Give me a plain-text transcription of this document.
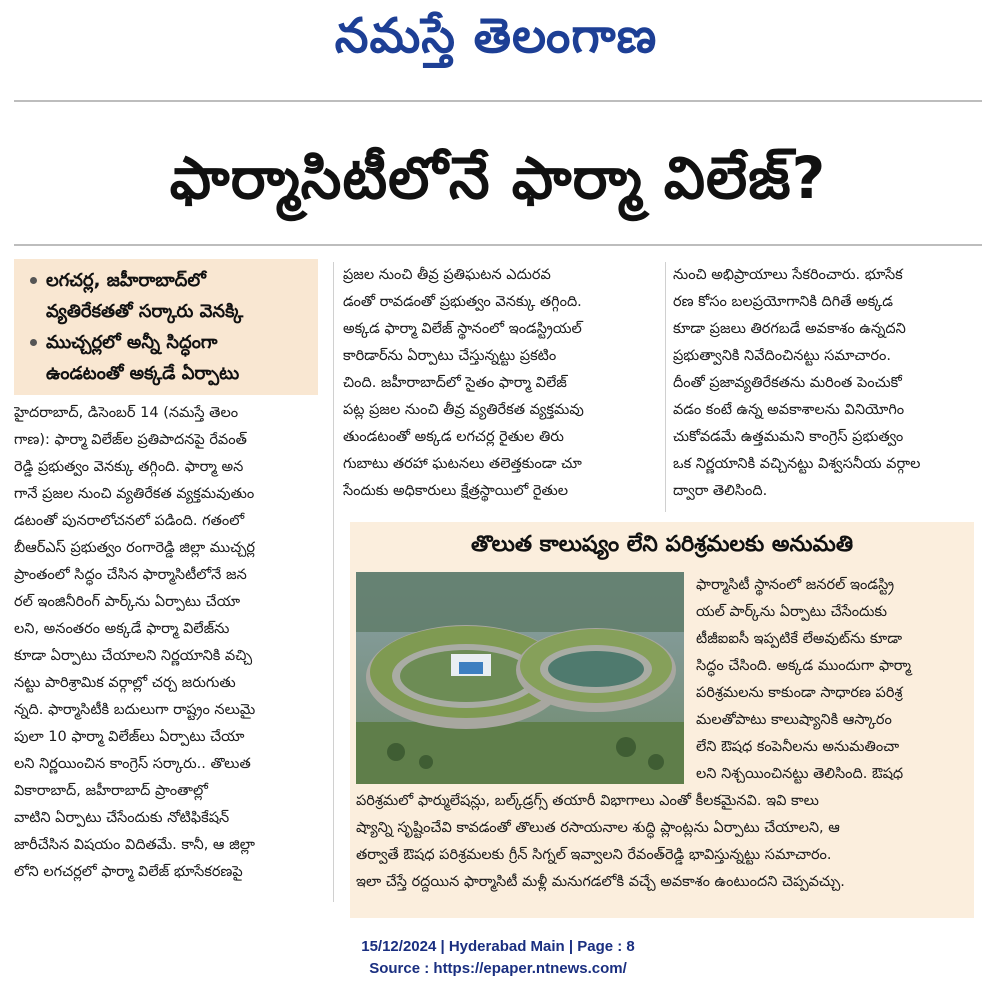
నమస్తే తెలంగాణ
ఫార్మాసిటీలోనే ఫార్మా విలేజ్?
లగచర్ల, జహీరాబాద్‌లో
వ్యతిరేకతతో సర్కారు వెనక్కి
ముచ్చర్లలో అన్నీ సిద్ధంగా
ఉండటంతో అక్కడే ఏర్పాటు
హైదరాబాద్, డిసెంబర్ 14 (నమస్తే తెలం
గాణ): ఫార్మా విలేజ్‌ల ప్రతిపాదనపై రేవంత్
రెడ్డి ప్రభుత్వం వెనక్కు తగ్గింది. ఫార్మా అన
గానే ప్రజల నుంచి వ్యతిరేకత వ్యక్తమవుతుం
డటంతో పునరాలోచనలో పడింది. గతంలో
బీఆర్‌ఎస్ ప్రభుత్వం రంగారెడ్డి జిల్లా ముచ్చర్ల
ప్రాంతంలో సిద్ధం చేసిన ఫార్మాసిటీలోనే జన
రల్ ఇంజినీరింగ్ పార్క్‌ను ఏర్పాటు చేయా
లని, అనంతరం అక్కడే ఫార్మా విలేజ్‌ను
కూడా ఏర్పాటు చేయాలని నిర్ణయానికి వచ్చి
నట్టు పారిశ్రామిక వర్గాల్లో చర్చ జరుగుతు
న్నది. ఫార్మాసిటీకి బదులుగా రాష్ట్రం నలుమై
పులా 10 ఫార్మా విలేజ్‌లు ఏర్పాటు చేయా
లని నిర్ణయించిన కాంగ్రెస్ సర్కారు.. తొలుత
వికారాబాద్, జహీరాబాద్ ప్రాంతాల్లో
వాటిని ఏర్పాటు చేసేందుకు నోటిఫికేషన్
జారీచేసిన విషయం విదితమే. కానీ, ఆ జిల్లా
లోని లగచర్లలో ఫార్మా విలేజ్ భూసేకరణపై
ప్రజల నుంచి తీవ్ర ప్రతిఘటన ఎదురవ
డంతో రావడంతో ప్రభుత్వం వెనక్కు తగ్గింది.
అక్కడ ఫార్మా విలేజ్ స్థానంలో ఇండస్ట్రియల్
కారిడార్‌ను ఏర్పాటు చేస్తున్నట్టు ప్రకటిం
చింది. జహీరాబాద్‌లో సైతం ఫార్మా విలేజ్
పట్ల ప్రజల నుంచి తీవ్ర వ్యతిరేకత వ్యక్తమవు
తుండటంతో అక్కడ లగచర్ల రైతుల తిరు
గుబాటు తరహా ఘటనలు తలెత్తకుండా చూ
సేందుకు అధికారులు క్షేత్రస్థాయిలో రైతుల
నుంచి అభిప్రాయాలు సేకరించారు. భూసేక
రణ కోసం బలప్రయోగానికి దిగితే అక్కడ
కూడా ప్రజలు తిరగబడే అవకాశం ఉన్నదని
ప్రభుత్వానికి నివేదించినట్టు సమాచారం.
దీంతో ప్రజావ్యతిరేకతను మరింత పెంచుకో
వడం కంటే ఉన్న అవకాశాలను వినియోగిం
చుకోవడమే ఉత్తమమని కాంగ్రెస్ ప్రభుత్వం
ఒక నిర్ణయానికి వచ్చినట్టు విశ్వసనీయ వర్గాల
ద్వారా తెలిసింది.
తొలుత కాలుష్యం లేని పరిశ్రమలకు అనుమతి
ఫార్మాసిటీ స్థానంలో జనరల్ ఇండస్ట్రి
యల్ పార్క్‌ను ఏర్పాటు చేసేందుకు
టీజీఐఐసీ ఇప్పటికే లేఅవుట్‌ను కూడా
సిద్ధం చేసింది. అక్కడ ముందుగా ఫార్మా
పరిశ్రమలను కాకుండా సాధారణ పరిశ్ర
మలతోపాటు కాలుష్యానికి ఆస్కారం
లేని ఔషధ కంపెనీలను అనుమతించా
లని నిశ్చయించినట్టు తెలిసింది. ఔషధ
పరిశ్రమలో ఫార్ములేషన్లు, బల్క్‌డ్రగ్స్ తయారీ విభాగాలు ఎంతో కీలకమైనవి. ఇవి కాలు
ష్యాన్ని సృష్టించేవి కావడంతో తొలుత రసాయనాల శుద్ధి ప్లాంట్లను ఏర్పాటు చేయాలని, ఆ
తర్వాతే ఔషధ పరిశ్రమలకు గ్రీన్ సిగ్నల్ ఇవ్వాలని రేవంత్‌రెడ్డి భావిస్తున్నట్టు సమాచారం.
ఇలా చేస్తే రద్దయిన ఫార్మాసిటీ మళ్లీ మనుగడలోకి వచ్చే అవకాశం ఉంటుందని చెప్పవచ్చు.
15/12/2024 | Hyderabad Main | Page : 8
Source : https://epaper.ntnews.com/
